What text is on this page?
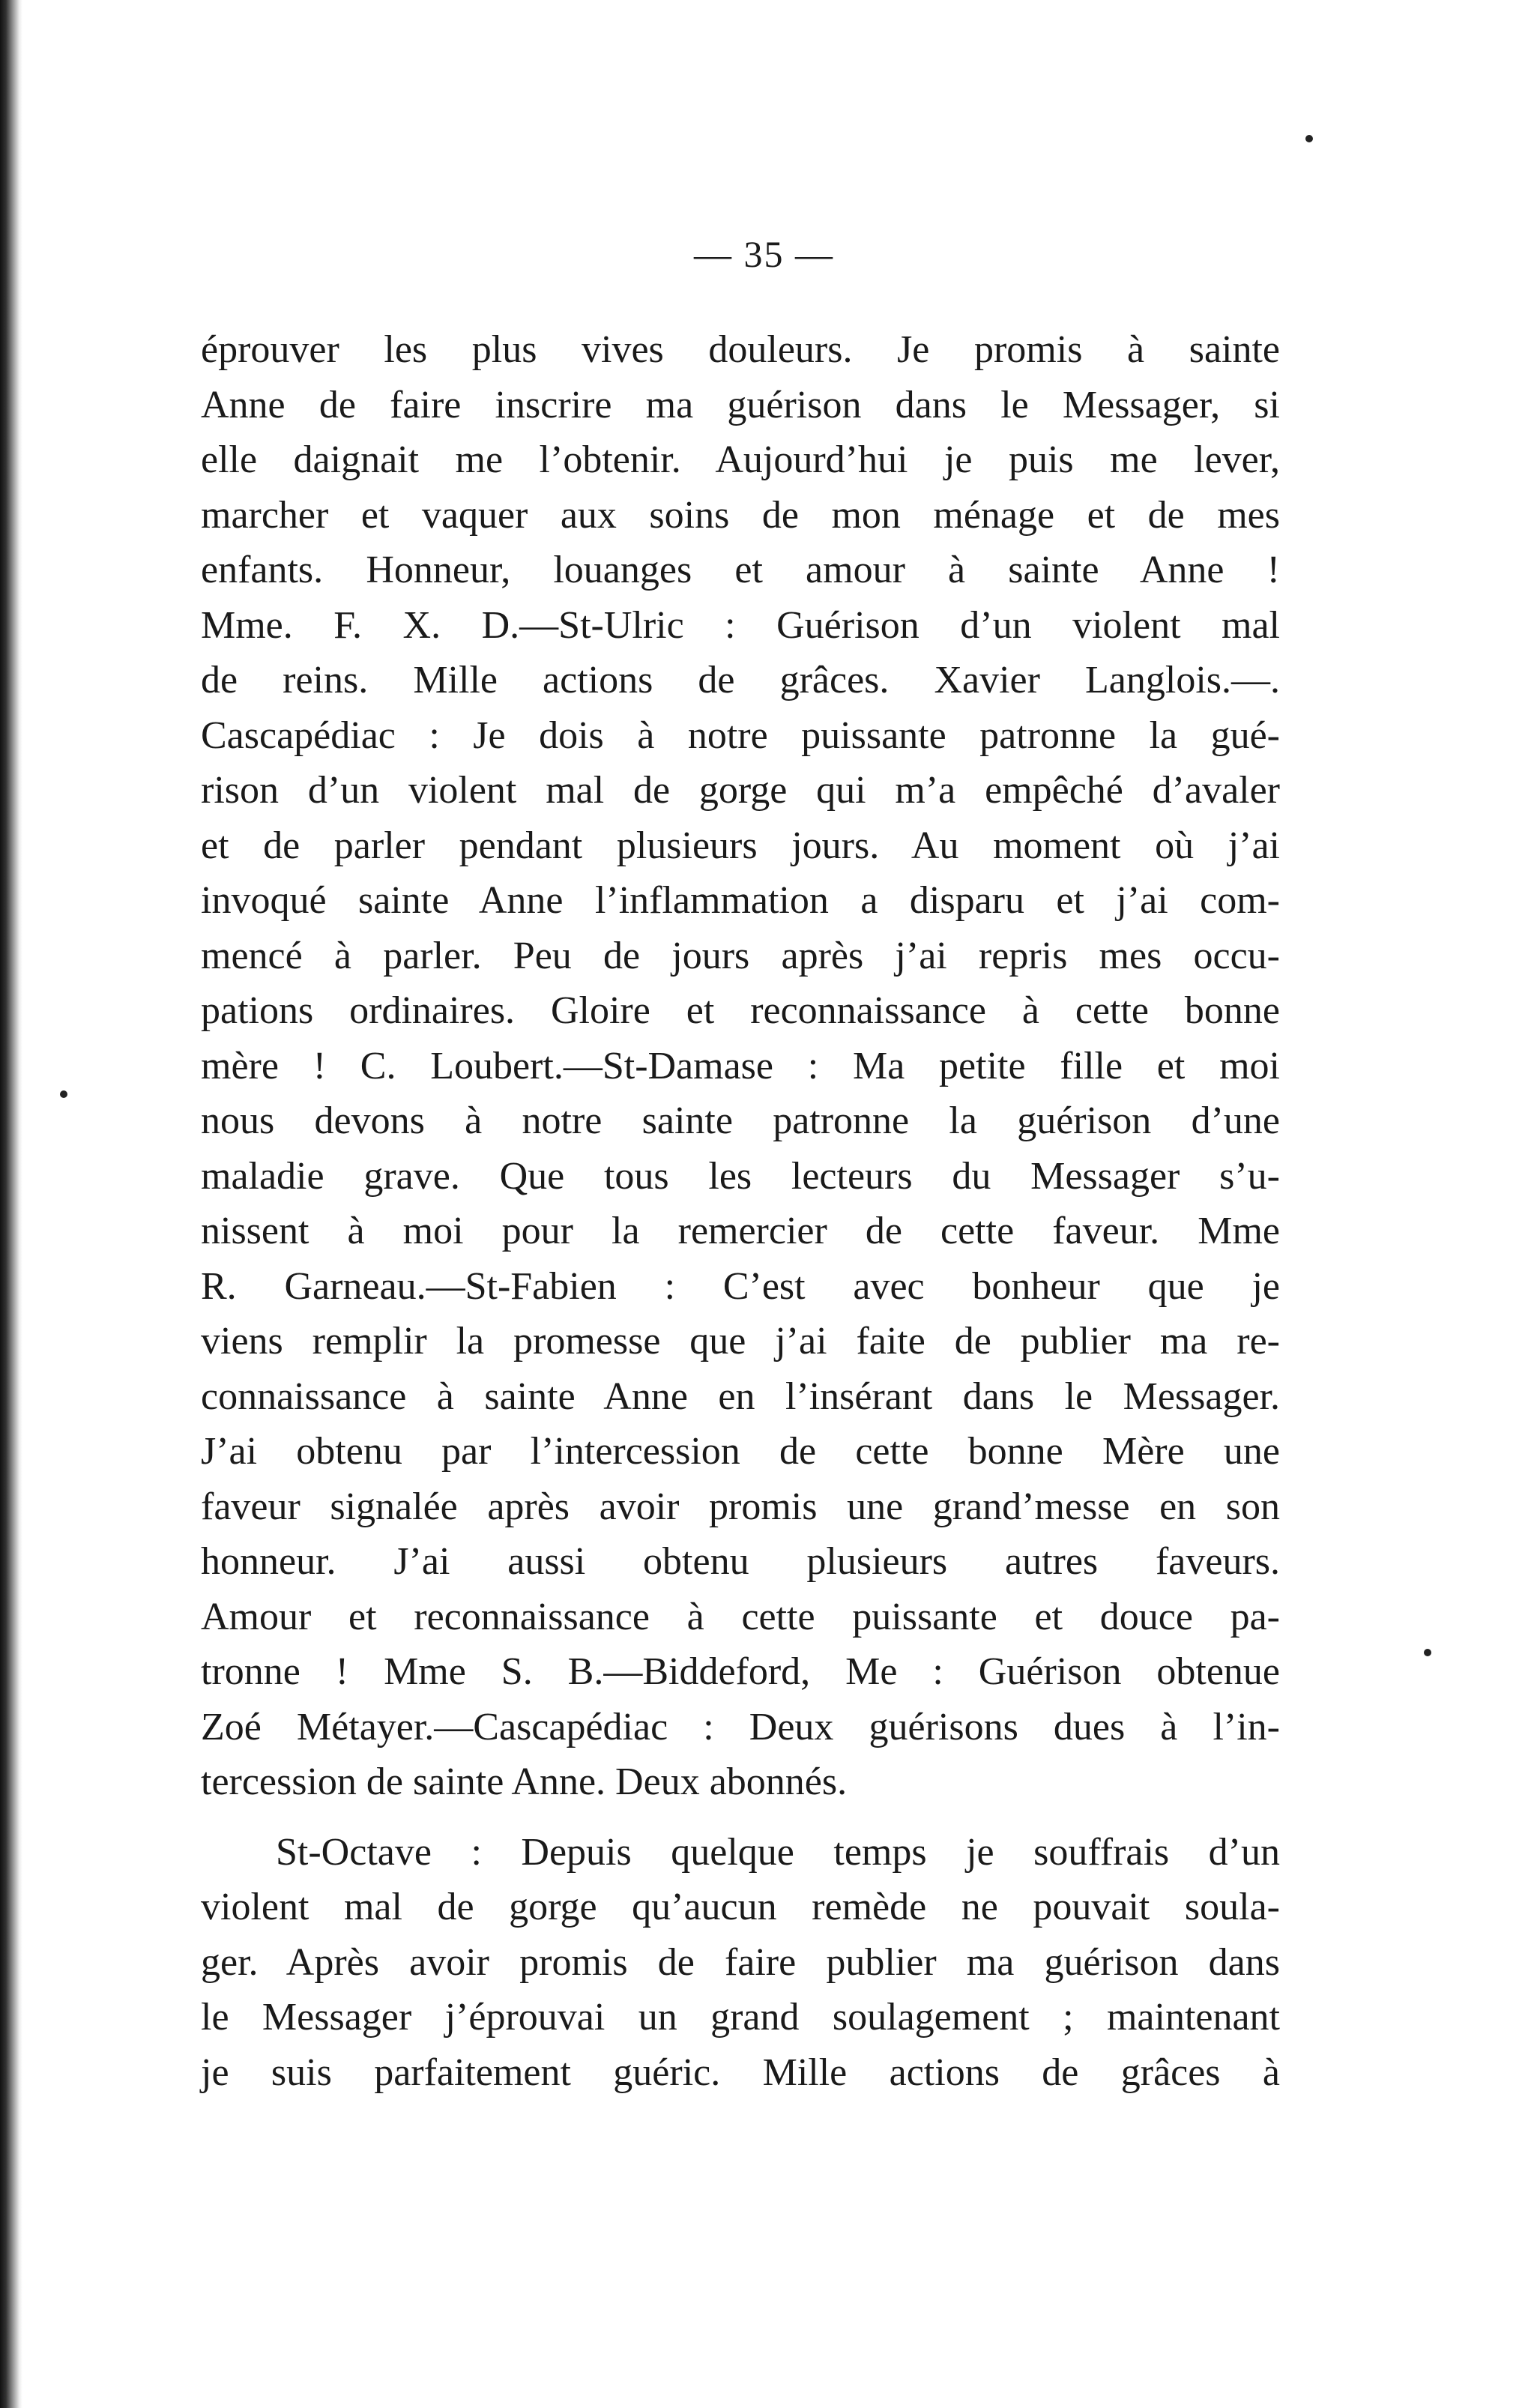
— 35 —
éprouver les plus vives douleurs. Je promis à sainte
Anne de faire inscrire ma guérison dans le Messager, si
elle daignait me l’obtenir. Aujourd’hui je puis me lever,
marcher et vaquer aux soins de mon ménage et de mes
enfants. Honneur, louanges et amour à sainte Anne !
Mme. F. X. D.—St-Ulric : Guérison d’un violent mal
de reins. Mille actions de grâces. Xavier Langlois.—.
Cascapédiac : Je dois à notre puissante patronne la gué-
rison d’un violent mal de gorge qui m’a empêché d’avaler
et de parler pendant plusieurs jours. Au moment où j’ai
invoqué sainte Anne l’inflammation a disparu et j’ai com-
mencé à parler. Peu de jours après j’ai repris mes occu-
pations ordinaires. Gloire et reconnaissance à cette bonne
mère ! C. Loubert.—St-Damase : Ma petite fille et moi
nous devons à notre sainte patronne la guérison d’une
maladie grave. Que tous les lecteurs du Messager s’u-
nissent à moi pour la remercier de cette faveur. Mme
R. Garneau.—St-Fabien : C’est avec bonheur que je
viens remplir la promesse que j’ai faite de publier ma re-
connaissance à sainte Anne en l’insérant dans le Messager.
J’ai obtenu par l’intercession de cette bonne Mère une
faveur signalée après avoir promis une grand’messe en son
honneur. J’ai aussi obtenu plusieurs autres faveurs.
Amour et reconnaissance à cette puissante et douce pa-
tronne ! Mme S. B.—Biddeford, Me : Guérison obtenue
Zoé Métayer.—Cascapédiac : Deux guérisons dues à l’in-
tercession de sainte Anne. Deux abonnés.
St-Octave : Depuis quelque temps je souffrais d’un
violent mal de gorge qu’aucun remède ne pouvait soula-
ger. Après avoir promis de faire publier ma guérison dans
le Messager j’éprouvai un grand soulagement ; maintenant
je suis parfaitement guéric. Mille actions de grâces à
